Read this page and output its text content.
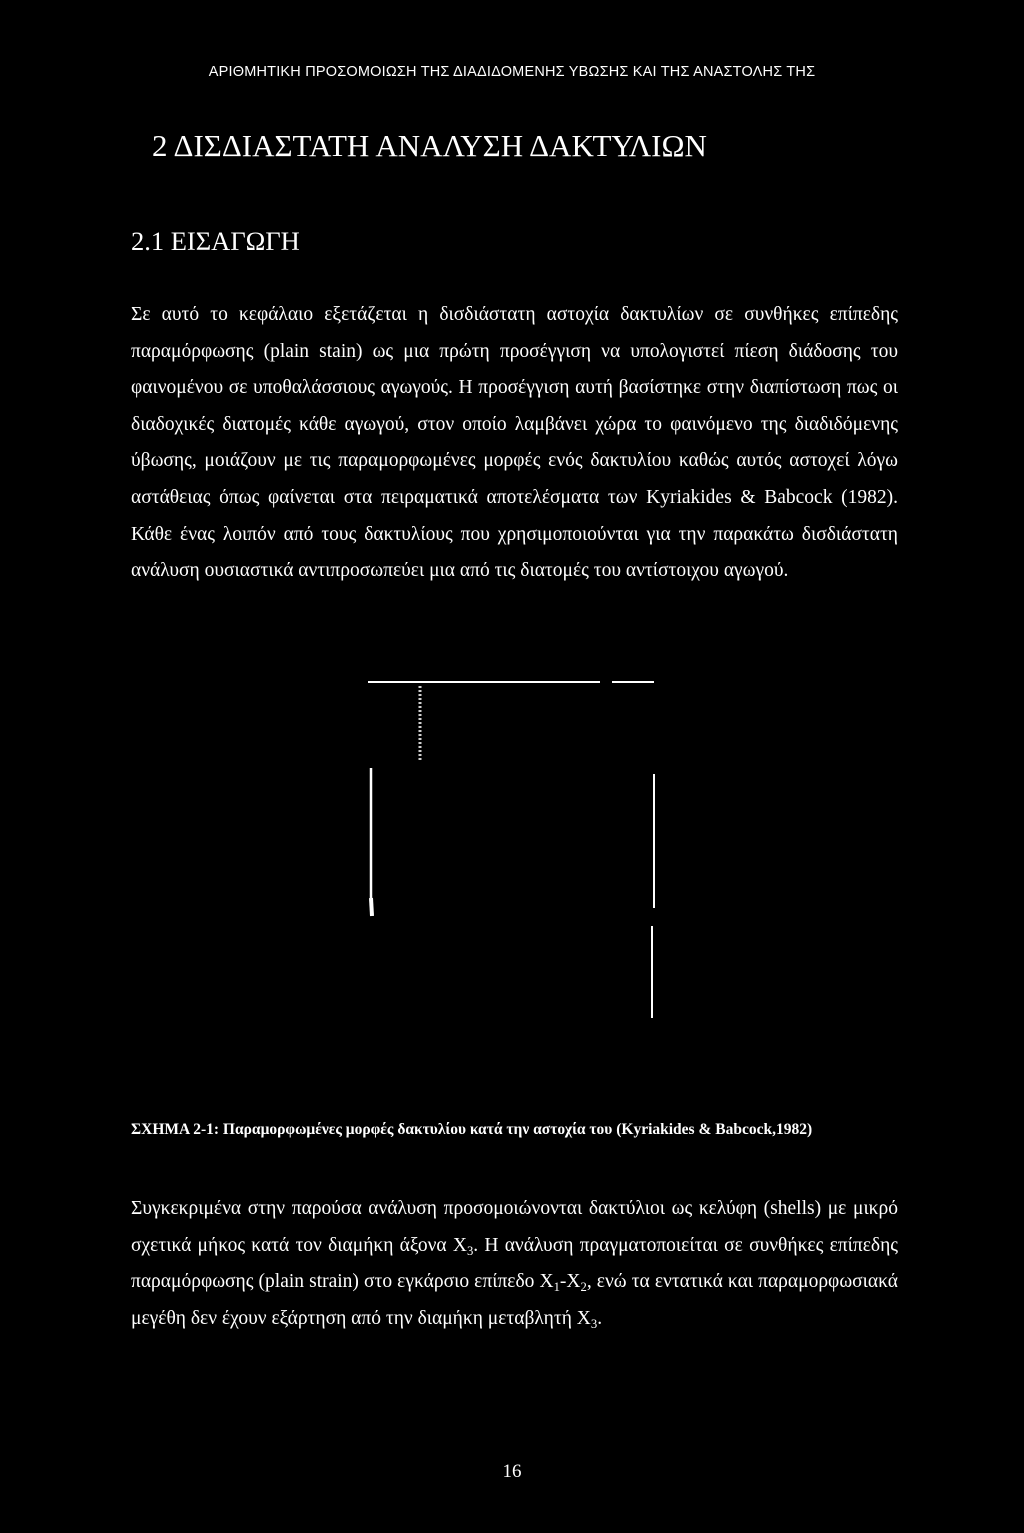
ΑΡΙΘΜΗΤΙΚΗ ΠΡΟΣΟΜΟΙΩΣΗ ΤΗΣ ΔΙΑΔΙΔΟΜΕΝΗΣ ΥΒΩΣΗΣ ΚΑΙ ΤΗΣ ΑΝΑΣΤΟΛΗΣ ΤΗΣ
2 ΔΙΣΔΙΑΣΤΑΤΗ ΑΝΑΛΥΣΗ ΔΑΚΤΥΛΙΩΝ
2.1 ΕΙΣΑΓΩΓΗ

Σε αυτό το κεφάλαιο εξετάζεται η δισδιάστατη αστοχία δακτυλίων σε συνθήκες επίπεδης παραμόρφωσης (plain stain) ως μια πρώτη προσέγγιση να υπολογιστεί πίεση διάδοσης του φαινομένου σε υποθαλάσσιους αγωγούς. Η προσέγγιση αυτή βασίστηκε στην διαπίστωση πως οι διαδοχικές διατομές κάθε αγωγού, στον οποίο λαμβάνει χώρα το φαινόμενο της διαδιδόμενης ύβωσης, μοιάζουν με τις παραμορφωμένες μορφές ενός δακτυλίου καθώς αυτός αστοχεί λόγω αστάθειας όπως φαίνεται στα πειραματικά αποτελέσματα των Kyriakides & Babcock (1982). Κάθε ένας λοιπόν από τους δακτυλίους που χρησιμοποιούνται για την παρακάτω δισδιάστατη ανάλυση ουσιαστικά αντιπροσωπεύει μια από τις διατομές του αντίστοιχου αγωγού.

ΣΧΗΜΑ 2-1: Παραμορφωμένες μορφές δακτυλίου κατά την αστοχία του (Kyriakides & Babcock,1982)

Συγκεκριμένα στην παρούσα ανάλυση προσομοιώνονται δακτύλιοι ως κελύφη (shells) με μικρό σχετικά μήκος κατά τον διαμήκη άξονα $X_3$. Η ανάλυση πραγματοποιείται σε συνθήκες επίπεδης παραμόρφωσης (plain strain) στο εγκάρσιο επίπεδο $X_1-X_2$, ενώ τα εντατικά και παραμορφωσιακά μεγέθη δεν έχουν εξάρτηση από την διαμήκη μεταβλητή $X_3$.

16
